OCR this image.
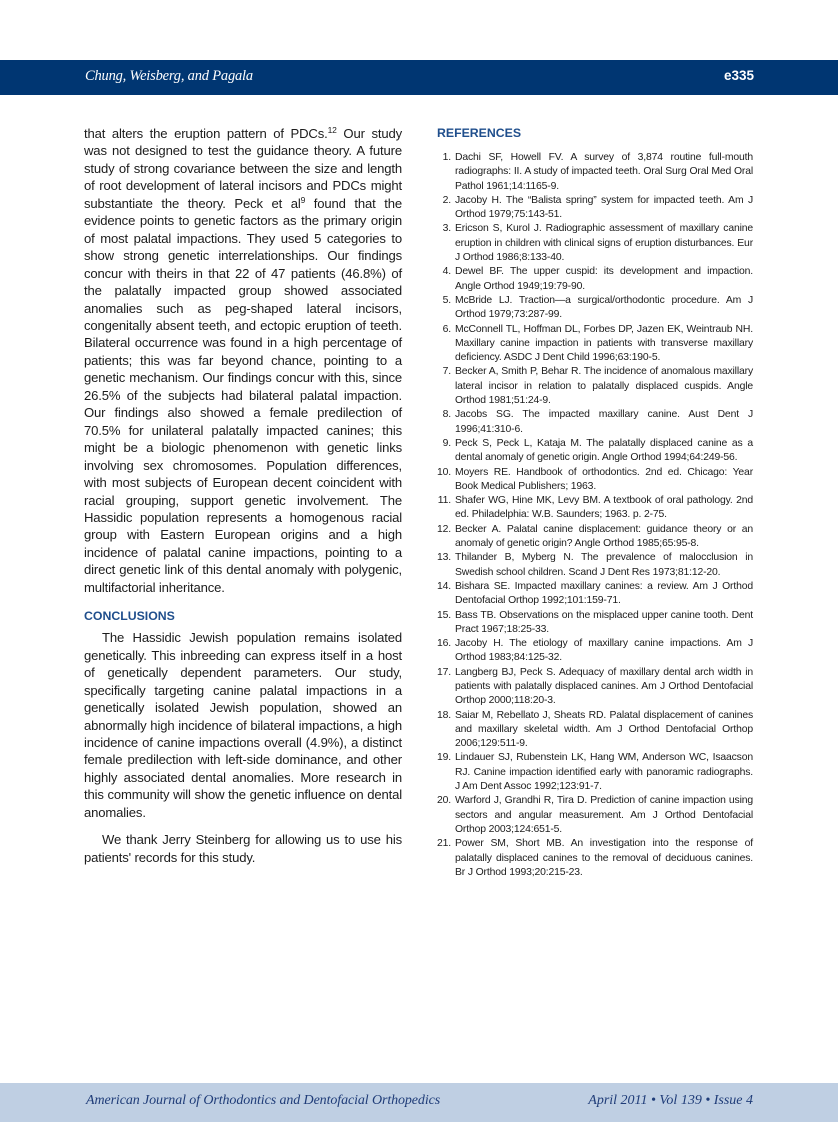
Chung, Weisberg, and Pagala	e335

that alters the eruption pattern of PDCs.$^{12}$ Our study was not designed to test the guidance theory. A future study of strong covariance between the size and length of root development of lateral incisors and PDCs might substantiate the theory. Peck et $al^9$ found that the evidence points to genetic factors as the primary origin of most palatal impactions. They used 5 categories to show strong genetic interrelationships. Our findings concur with theirs in that 22 of 47 patients (46.8%) of the palatally impacted group showed associated anomalies such as peg-shaped lateral incisors, congenitally absent teeth, and ectopic eruption of teeth. Bilateral occurrence was found in a high percentage of patients; this was far beyond chance, pointing to a genetic mechanism. Our findings concur with this, since 26.5% of the subjects had bilateral palatal impaction. Our findings also showed a female predilection of 70.5% for unilateral palatally impacted canines; this might be a biologic phenomenon with genetic links involving sex chromosomes. Population differences, with most subjects of European decent coincident with racial grouping, support genetic involvement. The Hassidic population represents a homogenous racial group with Eastern European origins and a high incidence of palatal canine impactions, pointing to a direct genetic link of this dental anomaly with polygenic, multifactorial inheritance.

CONCLUSIONS

The Hassidic Jewish population remains isolated genetically. This inbreeding can express itself in a host of genetically dependent parameters. Our study, specifically targeting canine palatal impactions in a genetically isolated Jewish population, showed an abnormally high incidence of bilateral impactions, a high incidence of canine impactions overall (4.9%), a distinct female predilection with left-side dominance, and other highly associated dental anomalies. More research in this community will show the genetic influence on dental anomalies.

We thank Jerry Steinberg for allowing us to use his patients' records for this study.

REFERENCES
1. Dachi SF, Howell FV. A survey of 3,874 routine full-mouth radiographs: II. A study of impacted teeth. Oral Surg Oral Med Oral Pathol 1961;14:1165-9.
2. Jacoby H. The “Balista spring” system for impacted teeth. Am J Orthod 1979;75:143-51.
3. Ericson S, Kurol J. Radiographic assessment of maxillary canine eruption in children with clinical signs of eruption disturbances. Eur J Orthod 1986;8:133-40.
4. Dewel BF. The upper cuspid: its development and impaction. Angle Orthod 1949;19:79-90.
5. McBride LJ. Traction—a surgical/orthodontic procedure. Am J Orthod 1979;73:287-99.
6. McConnell TL, Hoffman DL, Forbes DP, Jazen EK, Weintraub NH. Maxillary canine impaction in patients with transverse maxillary deficiency. ASDC J Dent Child 1996;63:190-5.
7. Becker A, Smith P, Behar R. The incidence of anomalous maxillary lateral incisor in relation to palatally displaced cuspids. Angle Orthod 1981;51:24-9.
8. Jacobs SG. The impacted maxillary canine. Aust Dent J 1996;41:310-6.
9. Peck S, Peck L, Kataja M. The palatally displaced canine as a dental anomaly of genetic origin. Angle Orthod 1994;64:249-56.
10. Moyers RE. Handbook of orthodontics. 2nd ed. Chicago: Year Book Medical Publishers; 1963.
11. Shafer WG, Hine MK, Levy BM. A textbook of oral pathology. 2nd ed. Philadelphia: W.B. Saunders; 1963. p. 2-75.
12. Becker A. Palatal canine displacement: guidance theory or an anomaly of genetic origin? Angle Orthod 1985;65:95-8.
13. Thilander B, Myberg N. The prevalence of malocclusion in Swedish school children. Scand J Dent Res 1973;81:12-20.
14. Bishara SE. Impacted maxillary canines: a review. Am J Orthod Dentofacial Orthop 1992;101:159-71.
15. Bass TB. Observations on the misplaced upper canine tooth. Dent Pract 1967;18:25-33.
16. Jacoby H. The etiology of maxillary canine impactions. Am J Orthod 1983;84:125-32.
17. Langberg BJ, Peck S. Adequacy of maxillary dental arch width in patients with palatally displaced canines. Am J Orthod Dentofacial Orthop 2000;118:20-3.
18. Saiar M, Rebellato J, Sheats RD. Palatal displacement of canines and maxillary skeletal width. Am J Orthod Dentofacial Orthop 2006;129:511-9.
19. Lindauer SJ, Rubenstein LK, Hang WM, Anderson WC, Isaacson RJ. Canine impaction identified early with panoramic radiographs. J Am Dent Assoc 1992;123:91-7.
20. Warford J, Grandhi R, Tira D. Prediction of canine impaction using sectors and angular measurement. Am J Orthod Dentofacial Orthop 2003;124:651-5.
21. Power SM, Short MB. An investigation into the response of palatally displaced canines to the removal of deciduous canines. Br J Orthod 1993;20:215-23.
American Journal of Orthodontics and Dentofacial Orthopedics	April 2011 • Vol 139 • Issue 4
